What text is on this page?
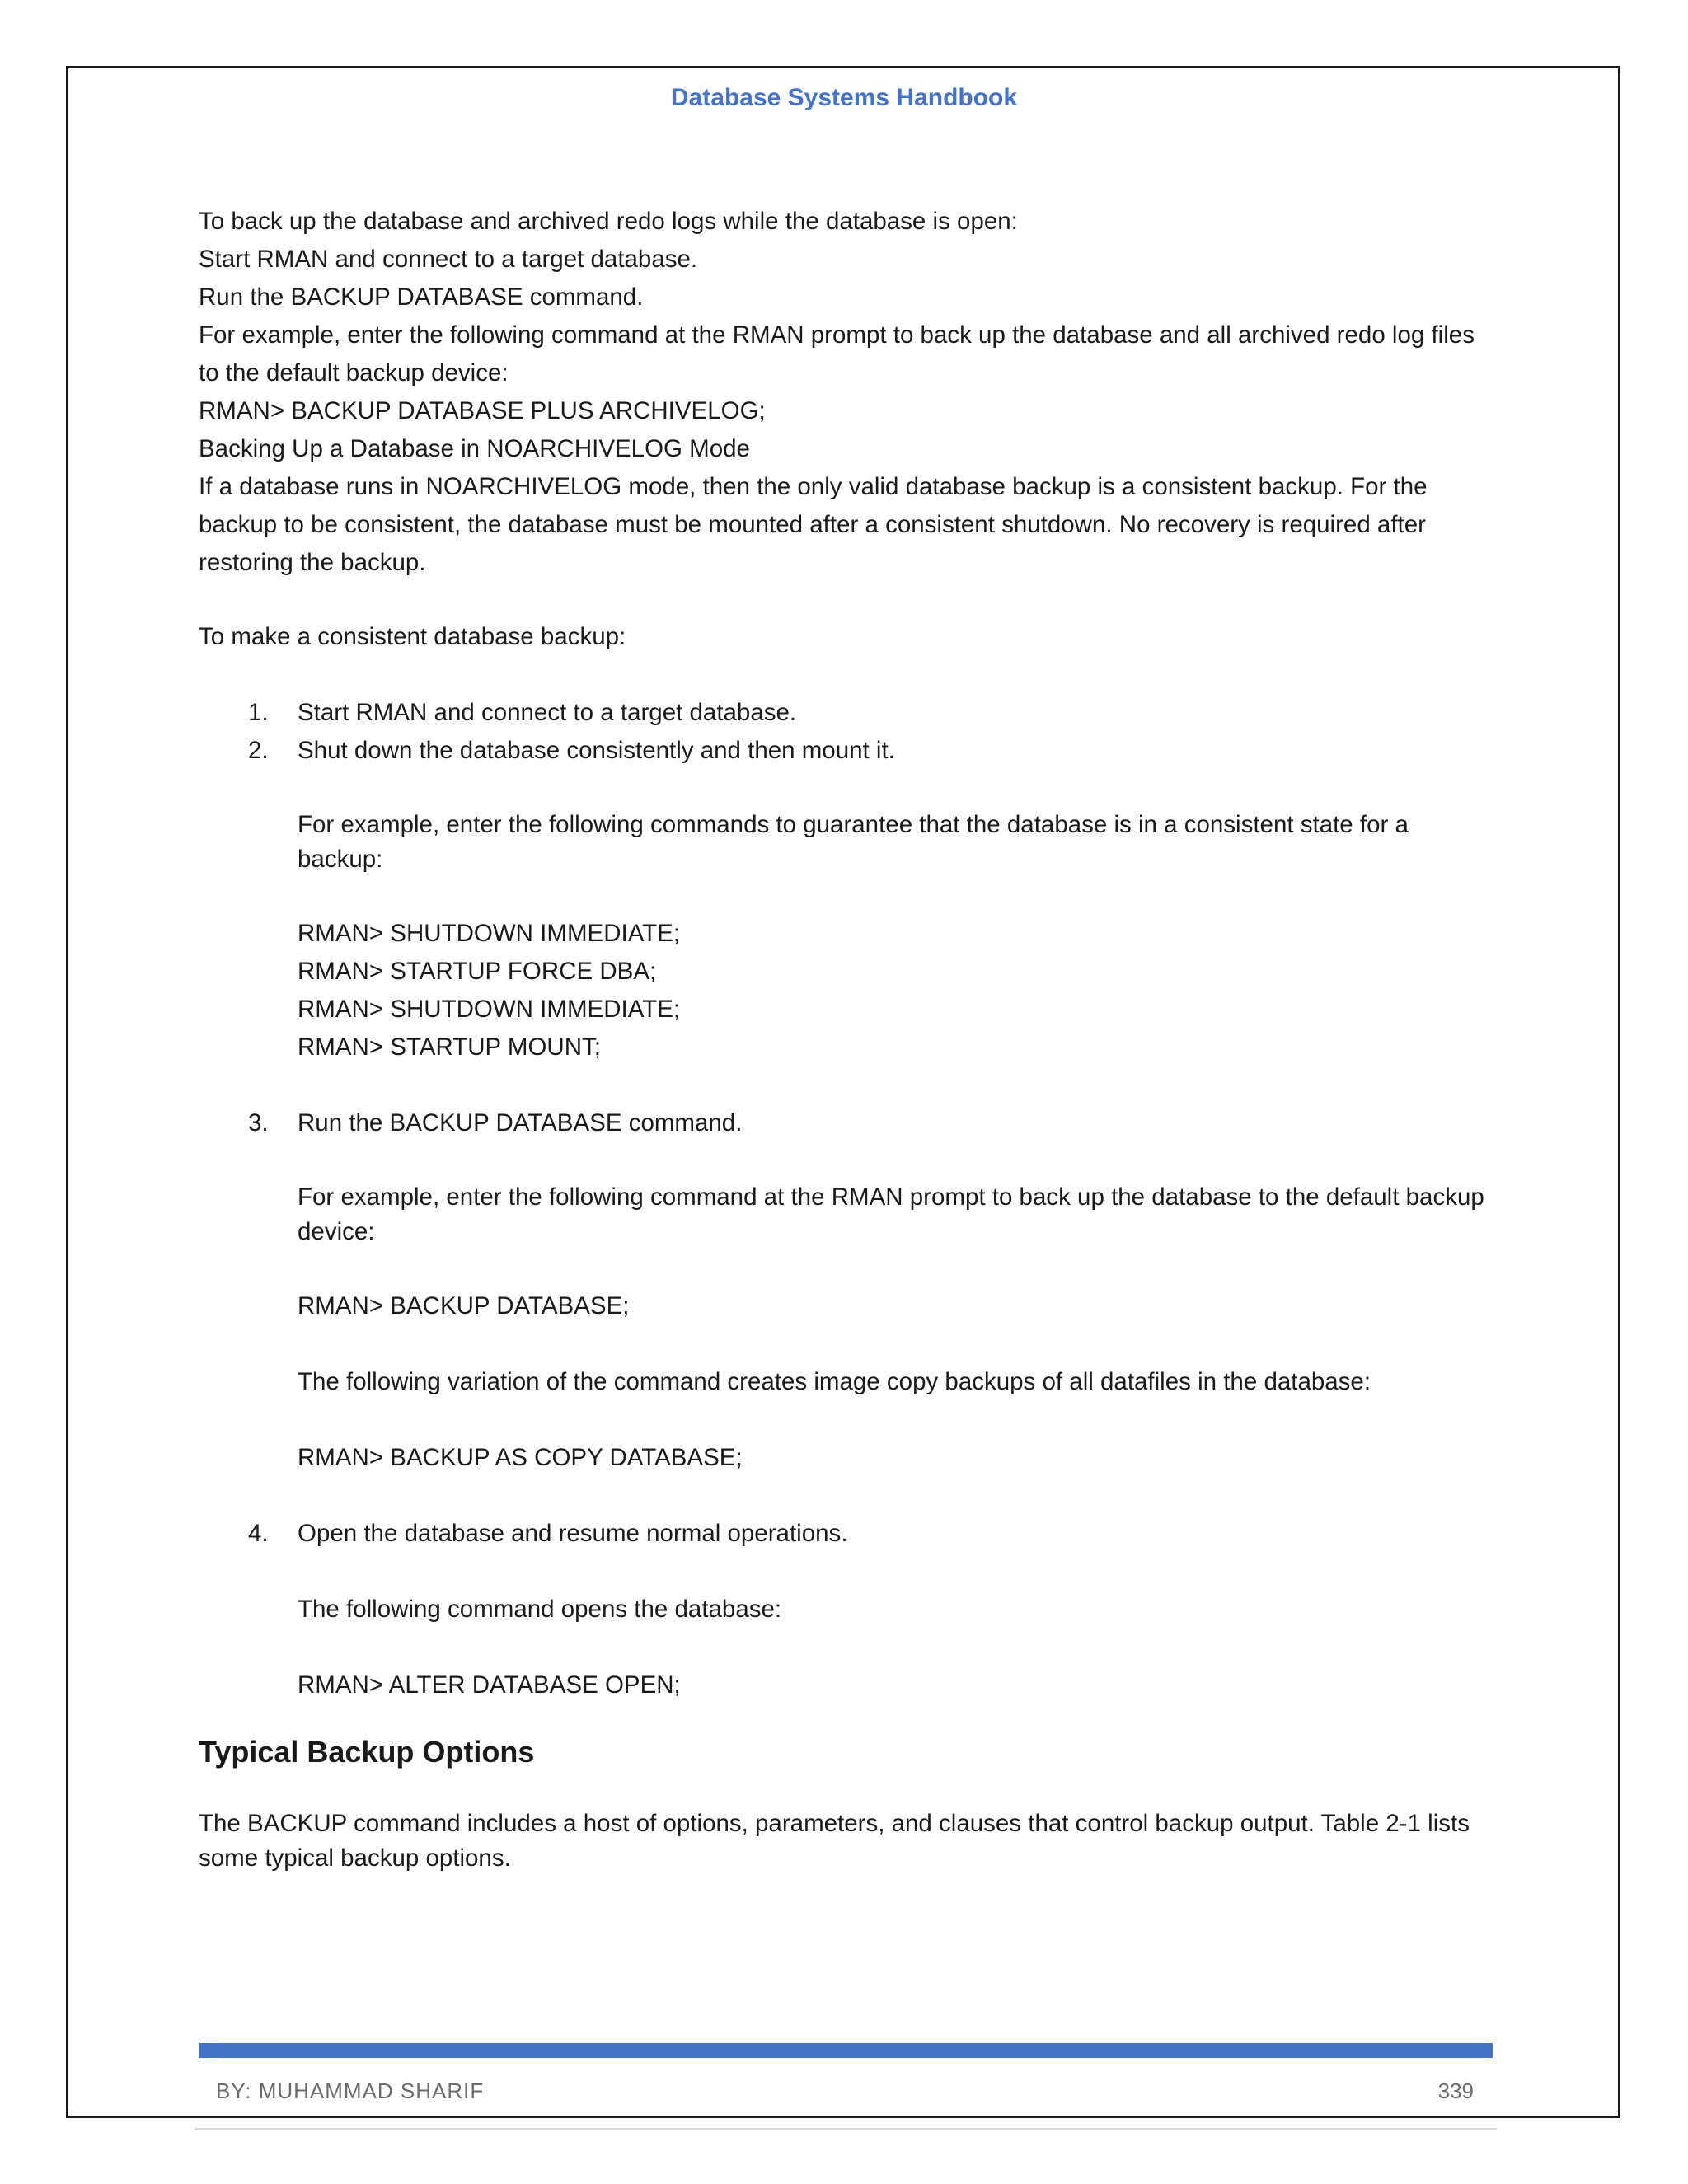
Database Systems Handbook

To back up the database and archived redo logs while the database is open:

Start RMAN and connect to a target database.

Run the BACKUP DATABASE command.

For example, enter the following command at the RMAN prompt to back up the database and all archived redo log files to the default backup device:

RMAN> BACKUP DATABASE PLUS ARCHIVELOG;

Backing Up a Database in NOARCHIVELOG Mode

If a database runs in NOARCHIVELOG mode, then the only valid database backup is a consistent backup. For the backup to be consistent, the database must be mounted after a consistent shutdown. No recovery is required after restoring the backup.

To make a consistent database backup:

1. Start RMAN and connect to a target database.
2. Shut down the database consistently and then mount it.

For example, enter the following commands to guarantee that the database is in a consistent state for a backup:

RMAN> SHUTDOWN IMMEDIATE;

RMAN> STARTUP FORCE DBA;

RMAN> SHUTDOWN IMMEDIATE;

RMAN> STARTUP MOUNT;

3. Run the BACKUP DATABASE command.

For example, enter the following command at the RMAN prompt to back up the database to the default backup device:

RMAN> BACKUP DATABASE;

The following variation of the command creates image copy backups of all datafiles in the database:

RMAN> BACKUP AS COPY DATABASE;

4. Open the database and resume normal operations.

The following command opens the database:

RMAN> ALTER DATABASE OPEN;

Typical Backup Options

The BACKUP command includes a host of options, parameters, and clauses that control backup output. Table 2-1 lists some typical backup options.

BY: MUHAMMAD SHARIF	339
